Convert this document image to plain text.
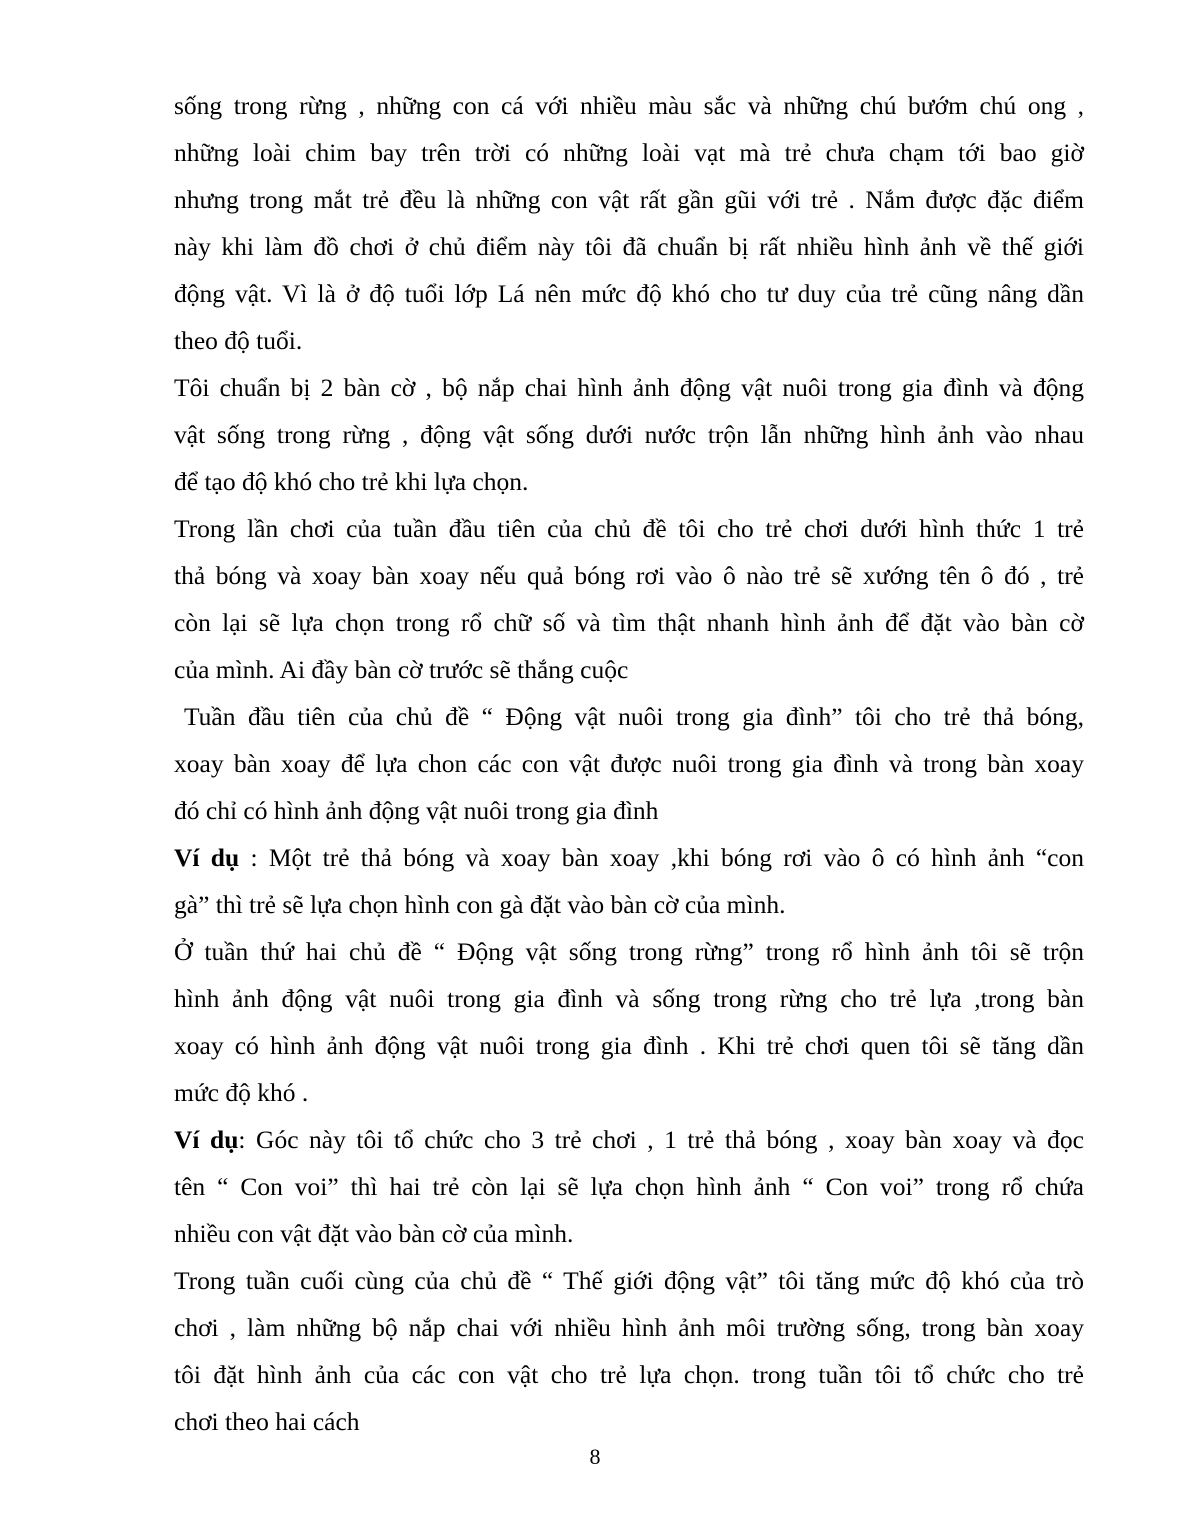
sống trong rừng , những con cá với nhiều màu sắc và những chú bướm chú ong ,
những loài chim bay trên trời có những loài vạt mà trẻ chưa chạm tới bao giờ
nhưng trong mắt trẻ đều là những con vật rất gần gũi với trẻ . Nắm được đặc điểm
này khi làm đồ chơi ở chủ điểm này tôi đã chuẩn bị rất nhiều hình ảnh về thế giới
động vật. Vì là ở độ tuổi lớp Lá nên mức độ khó cho tư duy của trẻ cũng nâng dần
theo độ tuổi.
Tôi chuẩn bị 2 bàn cờ , bộ nắp chai hình ảnh động vật nuôi trong gia đình và động
vật sống trong rừng , động vật sống dưới nước trộn lẫn những hình ảnh vào nhau
để tạo độ khó cho trẻ khi lựa chọn.
Trong lần chơi của tuần đầu tiên của chủ đề tôi cho trẻ chơi dưới hình thức 1 trẻ
thả bóng và xoay bàn xoay nếu quả bóng rơi vào ô nào trẻ sẽ xướng tên ô đó , trẻ
còn lại sẽ lựa chọn trong rổ chữ số và tìm thật nhanh hình ảnh để đặt vào bàn cờ
của mình. Ai đầy bàn cờ trước sẽ thắng cuộc
Tuần đầu tiên của chủ đề “ Động vật nuôi trong gia đình” tôi cho trẻ thả bóng,
xoay bàn xoay để lựa chon các con vật được nuôi trong gia đình và trong bàn xoay
đó chỉ có hình ảnh động vật nuôi trong gia đình
Ví dụ : Một trẻ thả bóng và xoay bàn xoay ,khi bóng rơi vào ô có hình ảnh “con
gà” thì trẻ sẽ lựa chọn hình con gà đặt vào bàn cờ của mình.
Ở tuần thứ hai chủ đề “ Động vật sống trong rừng” trong rổ hình ảnh tôi sẽ trộn
hình ảnh động vật nuôi trong gia đình và sống trong rừng cho trẻ lựa ,trong bàn
xoay có hình ảnh động vật nuôi trong gia đình . Khi trẻ chơi quen tôi sẽ tăng dần
mức độ khó .
Ví dụ: Góc này tôi tổ chức cho 3 trẻ chơi , 1 trẻ thả bóng , xoay bàn xoay và đọc
tên “ Con voi” thì hai trẻ còn lại sẽ lựa chọn hình ảnh “ Con voi” trong rổ chứa
nhiều con vật đặt vào bàn cờ của mình.
Trong tuần cuối cùng của chủ đề “ Thế giới động vật” tôi tăng mức độ khó của trò
chơi , làm những bộ nắp chai với nhiều hình ảnh môi trường sống, trong bàn xoay
tôi đặt hình ảnh của các con vật cho trẻ lựa chọn. trong tuần tôi tổ chức cho trẻ
chơi theo hai cách
8
